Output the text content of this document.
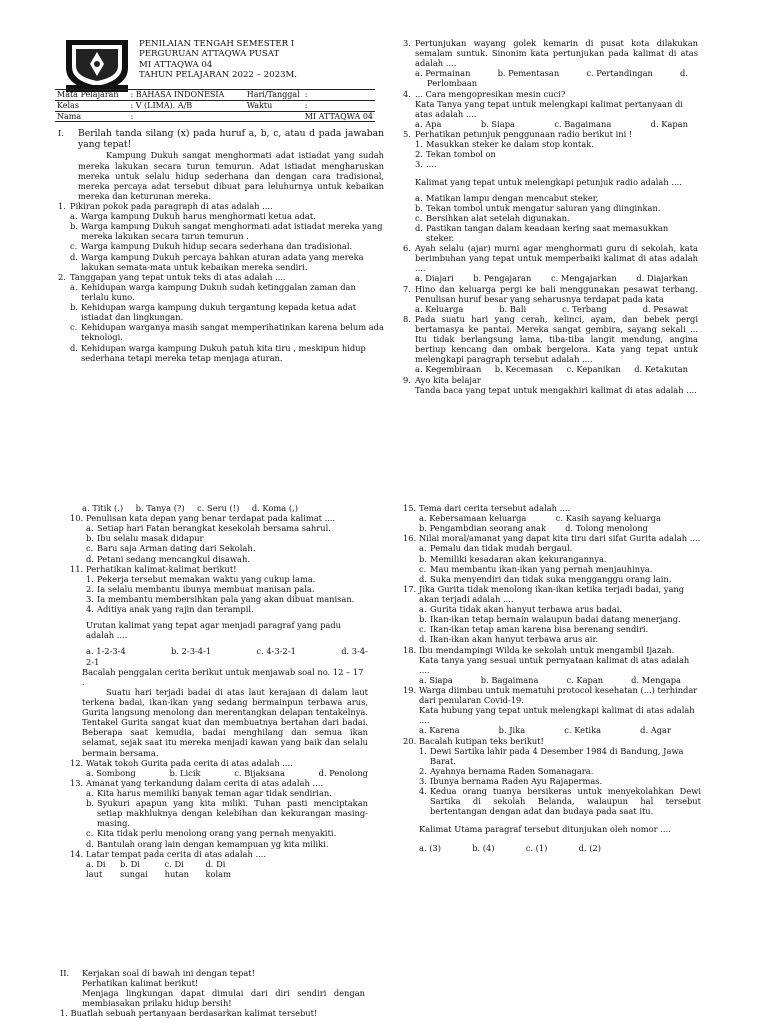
PENILAIAN TENGAH SEMESTER I
PERGURUAN ATTAQWA PUSAT
MI ATTAQWA 04
TAHUN PELAJARAN 2022 – 2023M.
Mata Pelajaran	: BAHASA INDONESIA	Hari/Tanggal	:
Kelas	: V (LIMA). A/B	Waktu	:
Nama	:		MI ATTAQWA 04
I. Berilah tanda silang (x) pada huruf a, b, c, atau d pada jawaban yang tepat!

Kampung Dukuh sangat menghormati adat istiadat yang sudah mereka lakukan secara turun temurun. Adat istiadat mengharuskan mereka untuk selalu hidup sederhana dan dengan cara tradisional, mereka percaya adat tersebut dibuat para leluhurnya untuk kebaikan mereka dan keturunan mereka.

1. Pikiran pokok pada paragraph di atas adalah ....

a. Warga kampung Dukuh harus menghormati ketua adat.
b. Warga kampung Dukuh sangat menghormati adat istiadat mereka yang mereka lakukan secara turun temurun .
c. Warga kampung Dukuh hidup secara sederhana dan tradisional.
d. Warga kampung Dukuh percaya bahkan aturan adata yang mereka lakukan semata-mata untuk kebaikan mereka sendiri.
2. Tanggapan yang tepat untuk teks di atas adalah ....

a. Kehidupan warga kampung Dukuh sudah ketinggalan zaman dan terlalu kuno.
b. Kehidupan warga kampung dukuh tergantung kepada ketua adat istiadat dan lingkungan.
c. Kehidupan warganya masih sangat memperihatinkan karena belum ada teknologi.
d. Kehidupan warga kampung Dukuh patuh kita tiru , meskipun hidup sederhana tetapi mereka tetap menjaga aturan.
3. Pertunjukan wayang golek kemarin di pusat kota dilakukan semalam suntuk. Sinonim kata pertunjukan pada kalimat di atas adalah ....

a. Permainan	b. Pementasan	c. Pertandingan	d.

Perlombaan

4. ... Cara mengopresikan mesin cuci?

Kata Tanya yang tepat untuk melengkapi kalimat pertanyaan di atas adalah ....

a. Apa	b. Siapa	c. Bagaimana	d. Kapan
5. Perhatikan petunjuk penggunaan radio berikut ini !

1. Masukkan steker ke dalam stop kontak.
2. Tekan tombol on
3. ....

Kalimat yang tepat untuk melengkapi petunjuk radio adalah ....

a. Matikan lampu dengan mencabut steker,
b. Tekan tombol untuk mengatur saluran yang diinginkan.
c. Bersihkan alat setelah digunakan.
d. Pastikan tangan dalam keadaan kering saat memasukkan steker.
6. Ayah selalu (ajar) murni agar menghormati guru di sekolah, kata berimbuhan yang tepat untuk memperbaiki kalimat di atas adalah ....

a. Diajari b. Pengajaran c. Mengajarkan d. Diajarkan
7. Hino dan keluarga pergi ke bali menggunakan pesawat terbang. Penulisan huruf besar yang seharusnya terdapat pada kata

a. Keluarga	b. Bali	c. Terbang	d. Pesawat
8. Pada suatu hari yang cerah, kelinci, ayam, dan bebek pergi bertamasya ke pantai. Mereka sangat gembira, sayang sekali ... Itu tidak berlangsung lama, tiba-tiba langit mendung, angina bertiup kencang dan ombak bergelora. Kata yang tepat untuk melengkapi paragraph tersebut adalah ....

a. Kegembiraan b. Kecemasan c. Kepanikan d. Ketakutan
9. Ayo kita belajar

Tanda baca yang tepat untuk mengakhiri kalimat di atas adalah ....

a. Titik (.) b. Tanya (?) c. Seru (!) d. Koma (,)
10. Penulisan kata depan yang benar terdapat pada kalimat ....

a. Setiap hari Fatan berangkat kesekolah bersama sahrul.
b. Ibu selalu masak didapur
c. Baru saja Arman dating dari Sekolah.
d. Petani sedang mencangkul disawah.
11. Perhatikan kalimat-kalimat berikut!

1. Pekerja tersebut memakan waktu yang cukup lama.
2. Ia selalu membantu ibunya membuat manisan pala.
3. Ia membantu membersihkan pala yang akan dibuat manisan.
4. Aditiya anak yang rajin dan terampil.

Urutan kalimat yang tepat agar menjadi paragraf yang padu adalah ....

a. 1-2-3-4	b. 2-3-4-1	c. 4-3-2-1	d. 3-4-

2-1

Bacalah penggalan cerita berikut untuk menjawab soal no. 12 – 17 .

Suatu hari terjadi badai di atas laut kerajaan di dalam laut terkena badai, ikan-ikan yang sedang bermainpun terbawa arus, Gurita langsung menolong dan merentangkan delapan tentakelnya. Tentakel Gurita sangat kuat dan membuatnya bertahan dari badai. Beberapa saat kemudia, badai menghilang dan semua ikan selamat, sejak saat itu mereka menjadi kawan yang baik dan selalu bermain bersama.

12. Watak tokoh Gurita pada cerita di atas adalah ....

a. Sombong	b. Licik	c. Bijaksana	d. Penolong
13. Amanat yang terkandung dalam cerita di atas adalah ....

a. Kita harus memiliki banyak teman agar tidak sendirian.
b. Syukuri apapun yang kita miliki. Tuhan pasti menciptakan setiap makhluknya dengan kelebihan dan kekurangan masing-masing.
c. Kita tidak perlu menolong orang yang pernah menyakiti.
d. Bantulah orang lain dengan kemampuan yg kita miliki.
14. Latar tempat pada cerita di atas adalah ....

a. Di laut
b. Di sungai
c. Di hutan
d. Di kolam
15. Tema dari cerita tersebut adalah ....

a. Kebersamaan keluarga	c. Kasih sayang keluarga
b. Pengambdian seorang anak d. Tolong menolong
16. Nilai moral/amanat yang dapat kita tiru dari sifat Gurita adalah ....

a. Pemalu dan tidak mudah bergaul.
b. Memiliki kesadaran akan kekurangannya.
c. Mau membantu ikan-ikan yang pernah menjauhinya.
d. Suka menyendiri dan tidak suka mengganggu orang lain.
17. Jika Gurita tidak menolong ikan-ikan ketika terjadi badai, yang akan terjadi adalah ....

a. Gurita tidak akan hanyut terbawa arus badai.
b. Ikan-ikan tetap bernain walaupun badai datang menerjang.
c. Ikan-ikan tetap aman karena bisa berenang sendiri.
d. Ikan-ikan akan hanyut terbawa arus air.
18. Ibu mendampingi Wilda ke sekolah untuk mengambil Ijazah.

Kata tanya yang sesuai untuk pernyataan kalimat di atas adalah ....

a. Siapa	b. Bagaimana	c. Kapan	d. Mengapa
19. Warga diimbau untuk mematuhi protocol kesehatan (...) terhindar dari penularan Covid-19.

Kata hubung yang tepat untuk melengkapi kalimat di atas adalah ....

a. Karena	b. Jika	c. Ketika	d. Agar
20. Bacalah kutipan teks berikut!

1. Dewi Sartika lahir pada 4 Desember 1984 di Bandung, Jawa Barat.
2. Ayahnya bernama Raden Somanagara.
3. Ibunya bernama Raden Ayu Rajapermas.
4. Kedua orang tuanya bersikeras untuk menyekolahkan Dewi Sartika di sekolah Belanda, walaupun hal tersebut bertentangan dengan adat dan budaya pada saat itu.

Kalimat Utama paragraf tersebut ditunjukan oleh nomor ....

a. (3)	b. (4)	c. (1)	d. (2)
II. Kerjakan soal di bawah ini dengan tepat!

Perhatikan kalimat berikut!

Menjaga lingkungan dapat dimulai dari diri sendiri dengan membiasakan prilaku hidup bersih!

1. Buatlah sebuah pertanyaan berdasarkan kalimat tersebut!
